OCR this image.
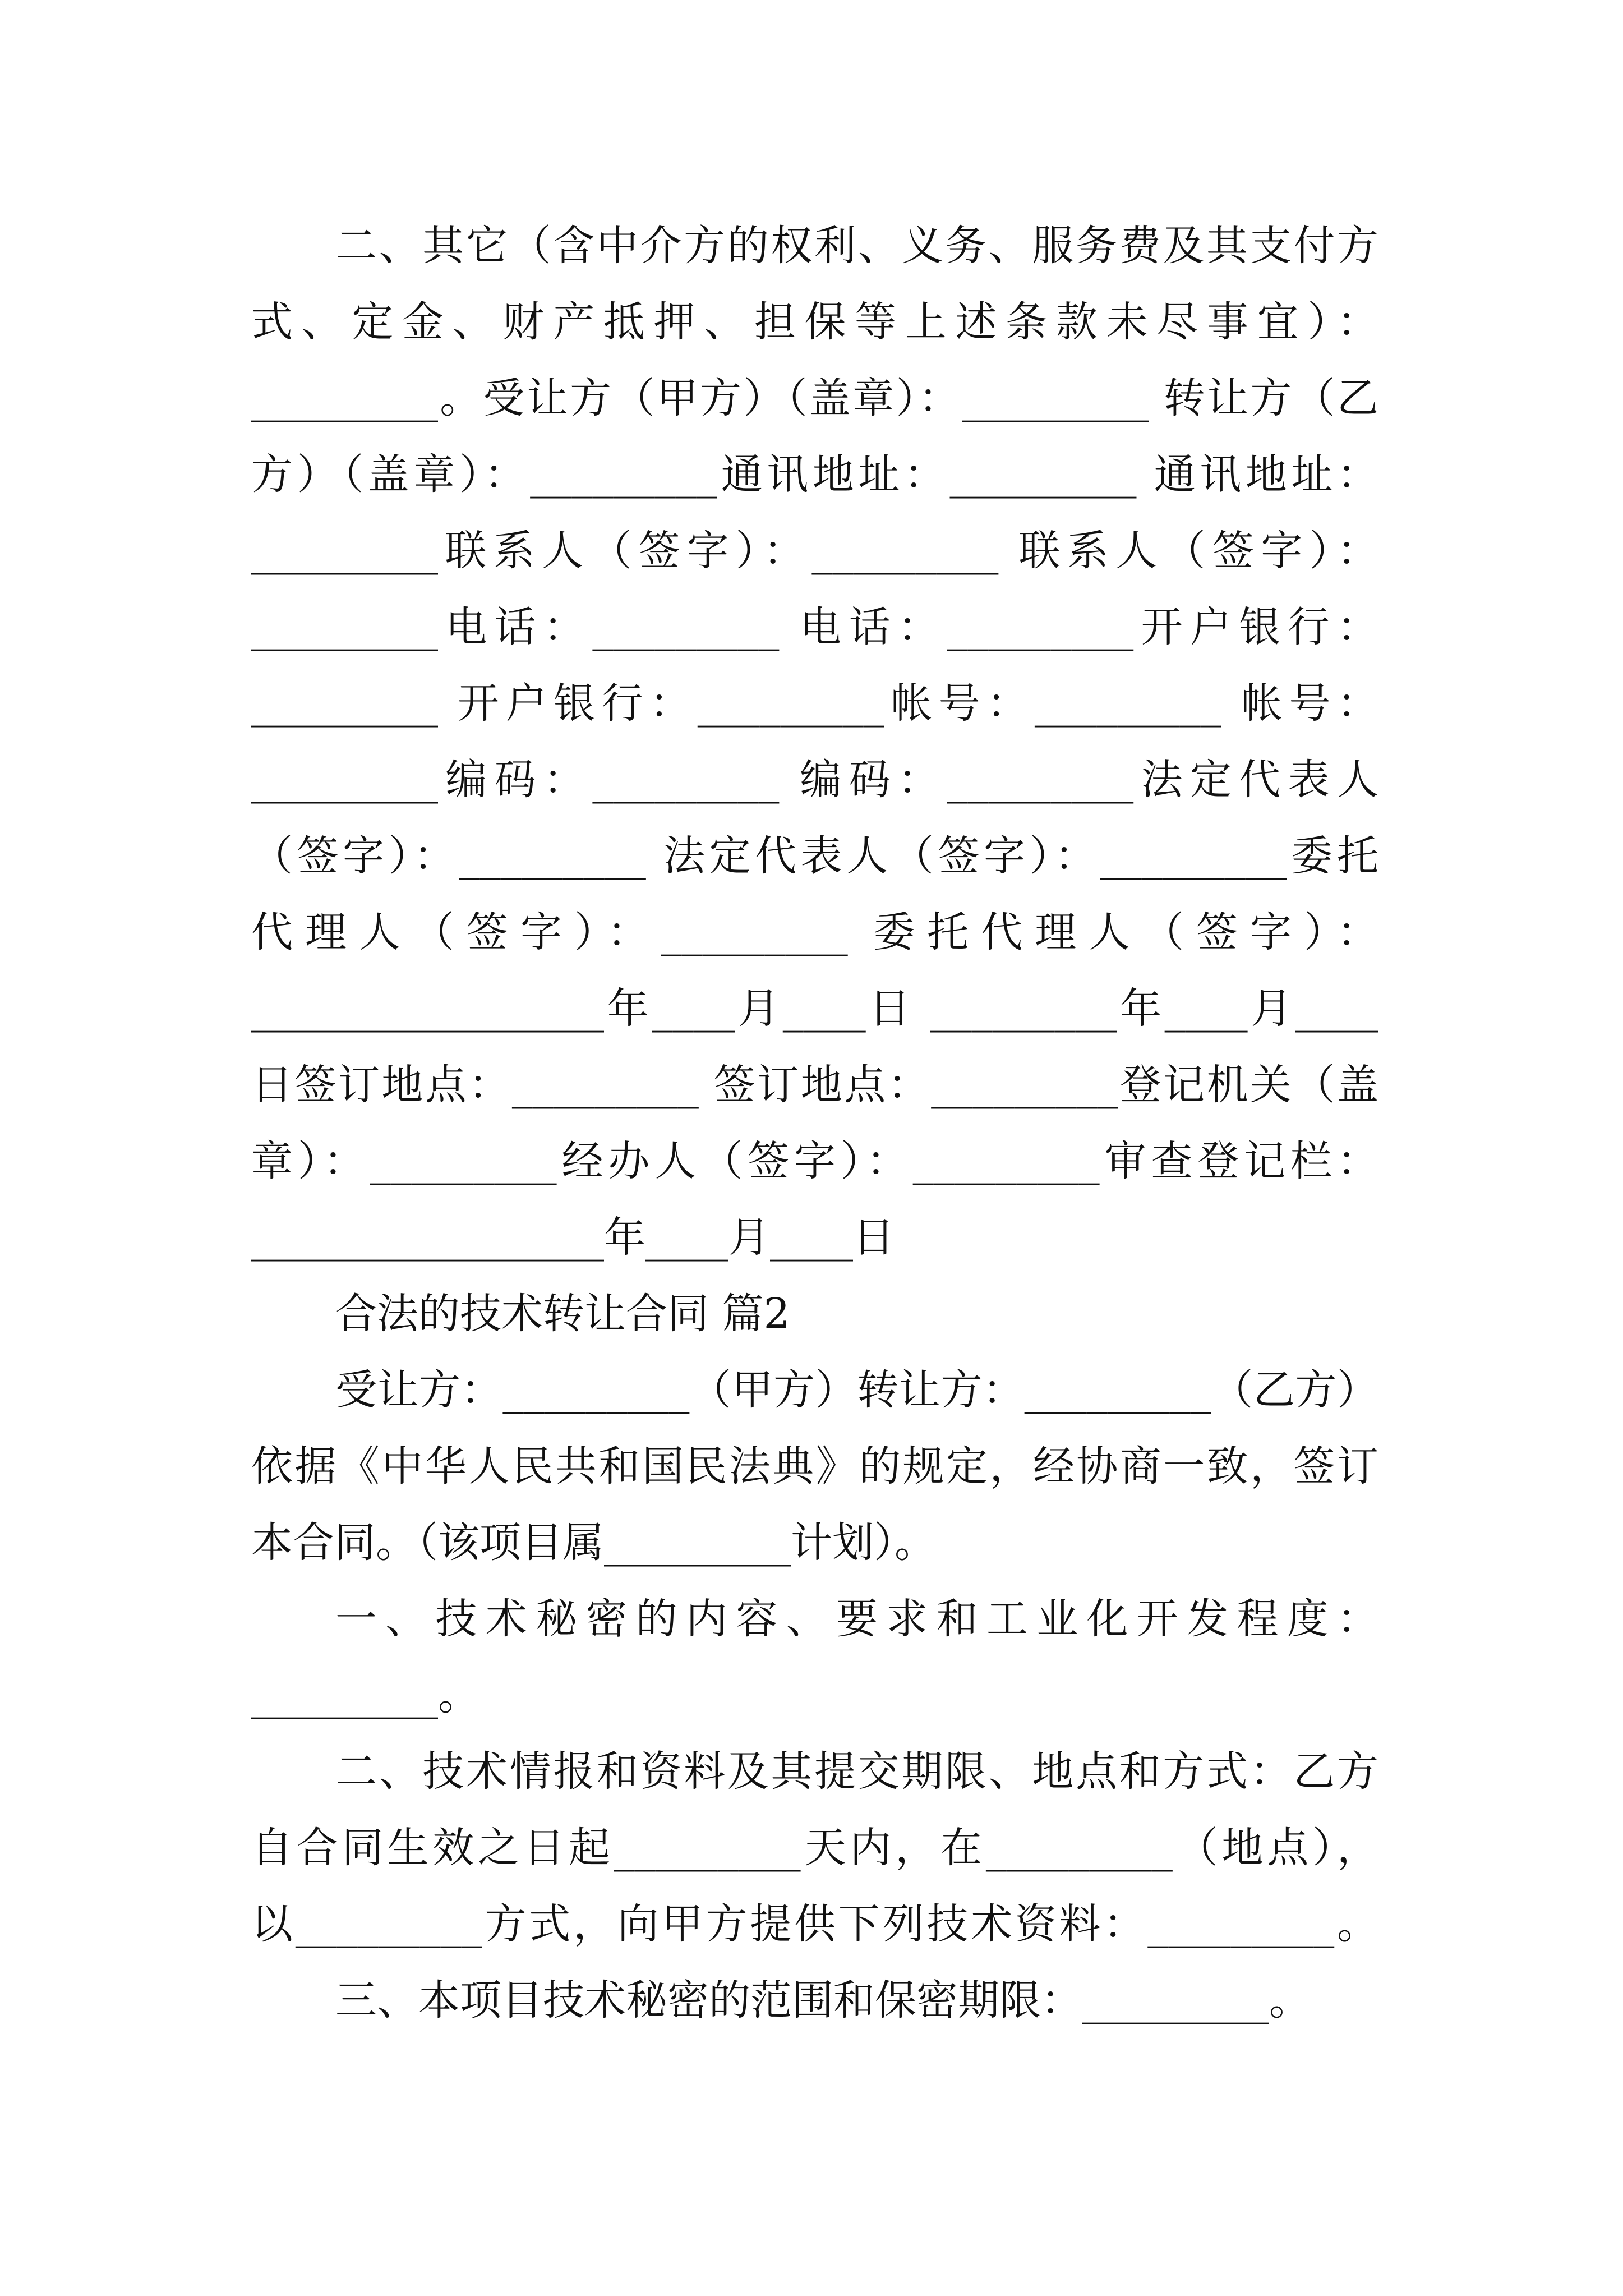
二、其它（含中介方的权利、义务、服务费及其支付方
式、定金、财产抵押、担保等上述条款未尽事宜）：
_________。受让方（甲方）（盖章）：_________ 转让方（乙
方）（盖章）：_________通讯地址：_________ 通讯地址：
_________联系人（签字）：_________ 联系人（签字）：
_________电话：_________ 电话：_________开户银行：
_________ 开户银行：_________帐号：_________ 帐号：
_________编码：_________ 编码：_________法定代表人
（签字）：_________ 法定代表人（签字）：_________委托
代理人（签字）：_________ 委托代理人（签字）：
_________________年____月____日 _________年____月____
日签订地点：_________ 签订地点：_________登记机关（盖
章）：_________经办人（签字）：_________审查登记栏：
_________________年____月____日
合法的技术转让合同 篇2
受让方：_________（甲方）转让方：_________（乙方）
依据《中华人民共和国民法典》的规定，经协商一致，签订
本合同。（该项目属_________计划）。
一、技术秘密的内容、要求和工业化开发程度：
_________。
二、技术情报和资料及其提交期限、地点和方式：乙方
自合同生效之日起_________天内，在_________（地点），
以_________方式，向甲方提供下列技术资料：_________。
三、本项目技术秘密的范围和保密期限：_________。
